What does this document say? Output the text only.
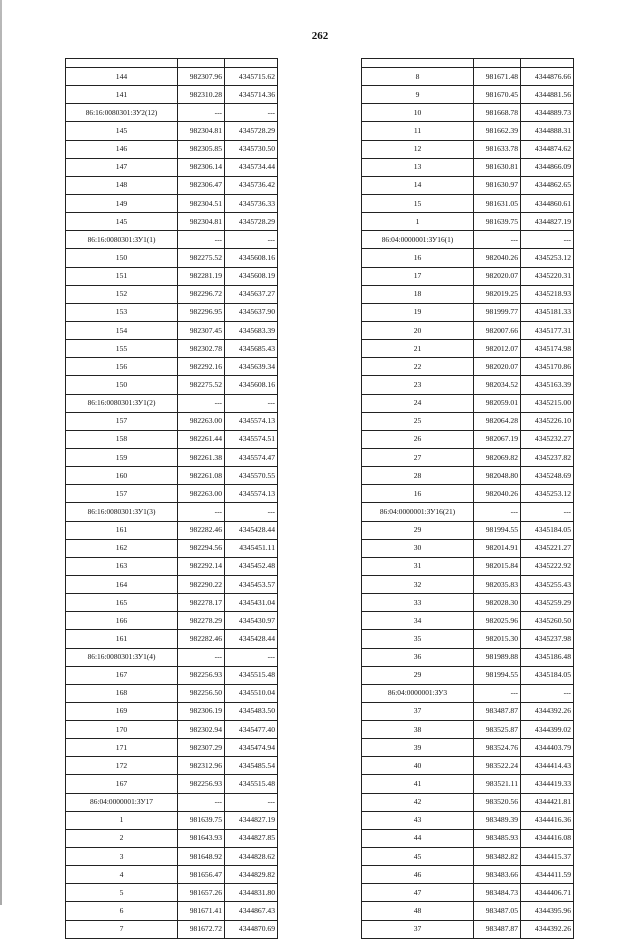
262

144	982307.96	4345715.62
141	982310.28	4345714.36
86:16:0080301:ЗУ2(12)	---	---
145	982304.81	4345728.29
146	982305.85	4345730.50
147	982306.14	4345734.44
148	982306.47	4345736.42
149	982304.51	4345736.33
145	982304.81	4345728.29
86:16:0080301:ЗУ1(1)	---	---
150	982275.52	4345608.16
151	982281.19	4345608.19
152	982296.72	4345637.27
153	982296.95	4345637.90
154	982307.45	4345683.39
155	982302.78	4345685.43
156	982292.16	4345639.34
150	982275.52	4345608.16
86:16:0080301:ЗУ1(2)	---	---
157	982263.00	4345574.13
158	982261.44	4345574.51
159	982261.38	4345574.47
160	982261.08	4345570.55
157	982263.00	4345574.13
86:16:0080301:ЗУ1(3)	---	---
161	982282.46	4345428.44
162	982294.56	4345451.11
163	982292.14	4345452.48
164	982290.22	4345453.57
165	982278.17	4345431.04
166	982278.29	4345430.97
161	982282.46	4345428.44
86:16:0080301:ЗУ1(4)	---	---
167	982256.93	4345515.48
168	982256.50	4345510.04
169	982306.19	4345483.50
170	982302.94	4345477.40
171	982307.29	4345474.94
172	982312.96	4345485.54
167	982256.93	4345515.48
86:04:0000001:ЗУ17	---	---
1	981639.75	4344827.19
2	981643.93	4344827.85
3	981648.92	4344828.62
4	981656.47	4344829.82
5	981657.26	4344831.80
6	981671.41	4344867.43
7	981672.72	4344870.69

8	981671.48	4344876.66
9	981670.45	4344881.56
10	981668.78	4344889.73
11	981662.39	4344888.31
12	981633.78	4344874.62
13	981630.81	4344866.09
14	981630.97	4344862.65
15	981631.05	4344860.61
1	981639.75	4344827.19
86:04:0000001:ЗУ16(1)	---	---
16	982040.26	4345253.12
17	982020.07	4345220.31
18	982019.25	4345218.93
19	981999.77	4345181.33
20	982007.66	4345177.31
21	982012.07	4345174.98
22	982020.07	4345170.86
23	982034.52	4345163.39
24	982059.01	4345215.00
25	982064.28	4345226.10
26	982067.19	4345232.27
27	982069.82	4345237.82
28	982048.80	4345248.69
16	982040.26	4345253.12
86:04:0000001:ЗУ16(21)	---	---
29	981994.55	4345184.05
30	982014.91	4345221.27
31	982015.84	4345222.92
32	982035.83	4345255.43
33	982028.30	4345259.29
34	982025.96	4345260.50
35	982015.30	4345237.98
36	981989.88	4345186.48
29	981994.55	4345184.05
86:04:0000001:ЗУ3	---	---
37	983487.87	4344392.26
38	983525.87	4344399.02
39	983524.76	4344403.79
40	983522.24	4344414.43
41	983521.11	4344419.33
42	983520.56	4344421.81
43	983489.39	4344416.36
44	983485.93	4344416.08
45	983482.82	4344415.37
46	983483.66	4344411.59
47	983484.73	4344406.71
48	983487.05	4344395.96
37	983487.87	4344392.26
